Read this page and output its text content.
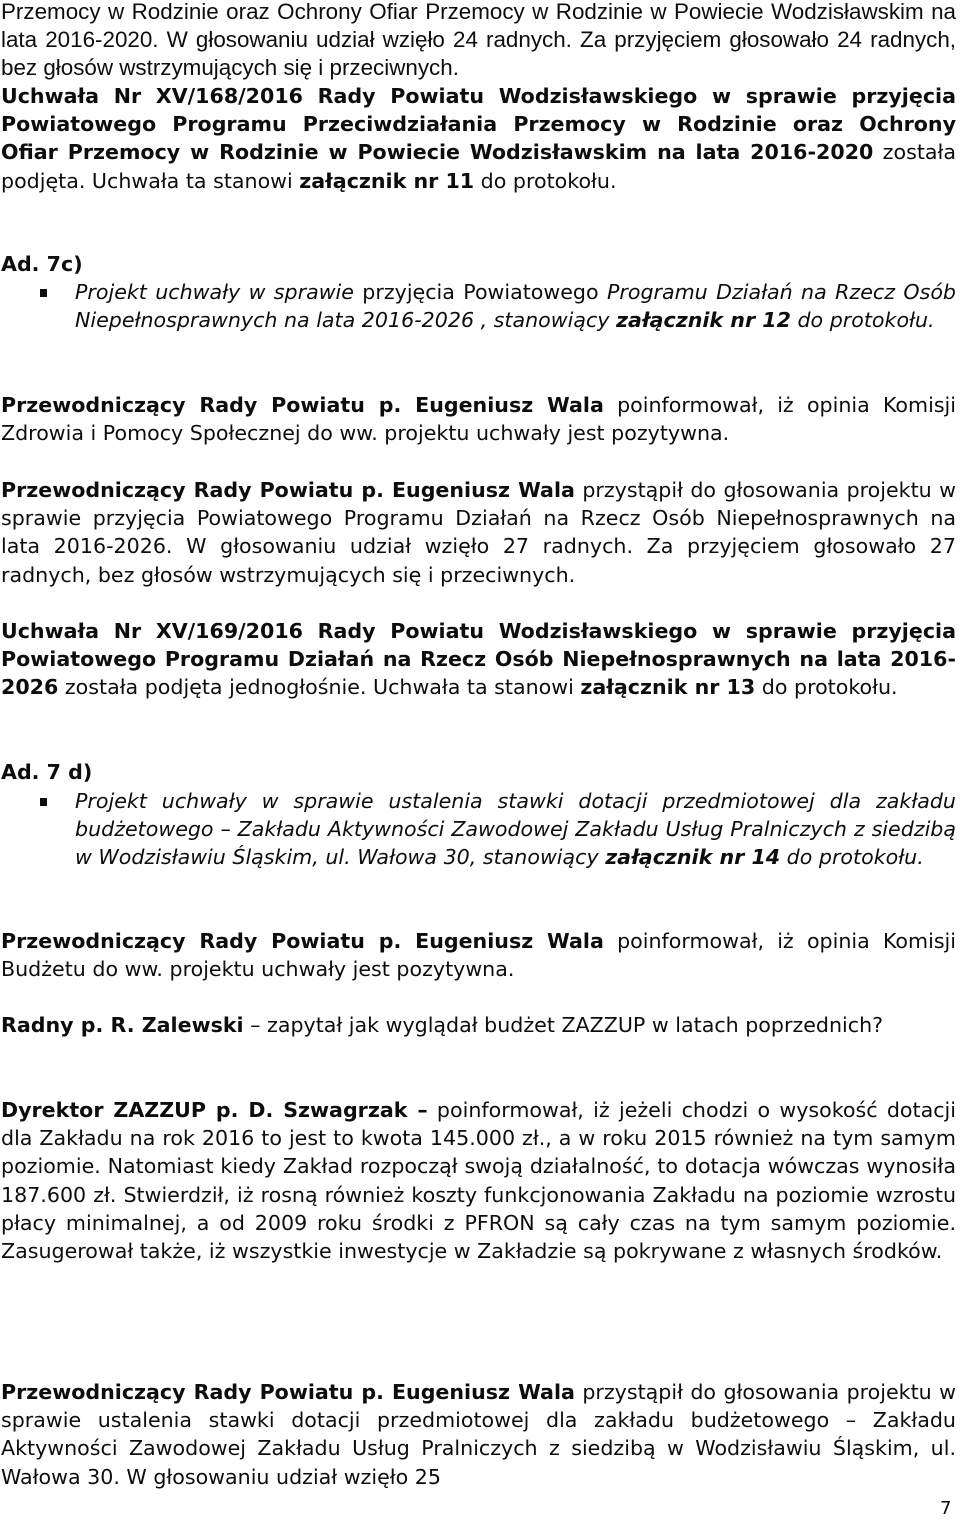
Przemocy w Rodzinie oraz Ochrony Ofiar Przemocy w Rodzinie w Powiecie Wodzisławskim na lata 2016-2020. W głosowaniu udział wzięło 24 radnych. Za przyjęciem głosowało 24 radnych, bez głosów wstrzymujących się i przeciwnych.

Uchwała Nr XV/168/2016 Rady Powiatu Wodzisławskiego w sprawie przyjęcia Powiatowego Programu Przeciwdziałania Przemocy w Rodzinie oraz Ochrony Ofiar Przemocy w Rodzinie w Powiecie Wodzisławskim na lata 2016-2020 została podjęta. Uchwała ta stanowi załącznik nr 11 do protokołu.

Ad. 7c)

Projekt uchwały w sprawie przyjęcia Powiatowego Programu Działań na Rzecz Osób Niepełnosprawnych na lata 2016-2026 , stanowiący załącznik nr 12 do protokołu.

Przewodniczący Rady Powiatu p. Eugeniusz Wala poinformował, iż opinia Komisji Zdrowia i Pomocy Społecznej do ww. projektu uchwały jest pozytywna.

Przewodniczący Rady Powiatu p. Eugeniusz Wala przystąpił do głosowania projektu w sprawie przyjęcia Powiatowego Programu Działań na Rzecz Osób Niepełnosprawnych na lata 2016-2026. W głosowaniu udział wzięło 27 radnych. Za przyjęciem głosowało 27 radnych, bez głosów wstrzymujących się i przeciwnych.

Uchwała Nr XV/169/2016 Rady Powiatu Wodzisławskiego w sprawie przyjęcia Powiatowego Programu Działań na Rzecz Osób Niepełnosprawnych na lata 2016-2026 została podjęta jednogłośnie. Uchwała ta stanowi załącznik nr 13 do protokołu.

Ad. 7 d)

Projekt uchwały w sprawie ustalenia stawki dotacji przedmiotowej dla zakładu budżetowego – Zakładu Aktywności Zawodowej Zakładu Usług Pralniczych z siedzibą w Wodzisławiu Śląskim, ul. Wałowa 30, stanowiący załącznik nr 14 do protokołu.

Przewodniczący Rady Powiatu p. Eugeniusz Wala poinformował, iż opinia Komisji Budżetu do ww. projektu uchwały jest pozytywna.

Radny p. R. Zalewski – zapytał jak wyglądał budżet ZAZZUP w latach poprzednich?

Dyrektor ZAZZUP p. D. Szwagrzak – poinformował, iż jeżeli chodzi o wysokość dotacji dla Zakładu na rok 2016 to jest to kwota 145.000 zł., a w roku 2015 również na tym samym poziomie. Natomiast kiedy Zakład rozpoczął swoją działalność, to dotacja wówczas wynosiła 187.600 zł. Stwierdził, iż rosną również koszty funkcjonowania Zakładu na poziomie wzrostu płacy minimalnej, a od 2009 roku środki z PFRON są cały czas na tym samym poziomie. Zasugerował także, iż wszystkie inwestycje w Zakładzie są pokrywane z własnych środków.

Przewodniczący Rady Powiatu p. Eugeniusz Wala przystąpił do głosowania projektu w sprawie ustalenia stawki dotacji przedmiotowej dla zakładu budżetowego – Zakładu Aktywności Zawodowej Zakładu Usług Pralniczych z siedzibą w Wodzisławiu Śląskim, ul. Wałowa 30. W głosowaniu udział wzięło 25

7
